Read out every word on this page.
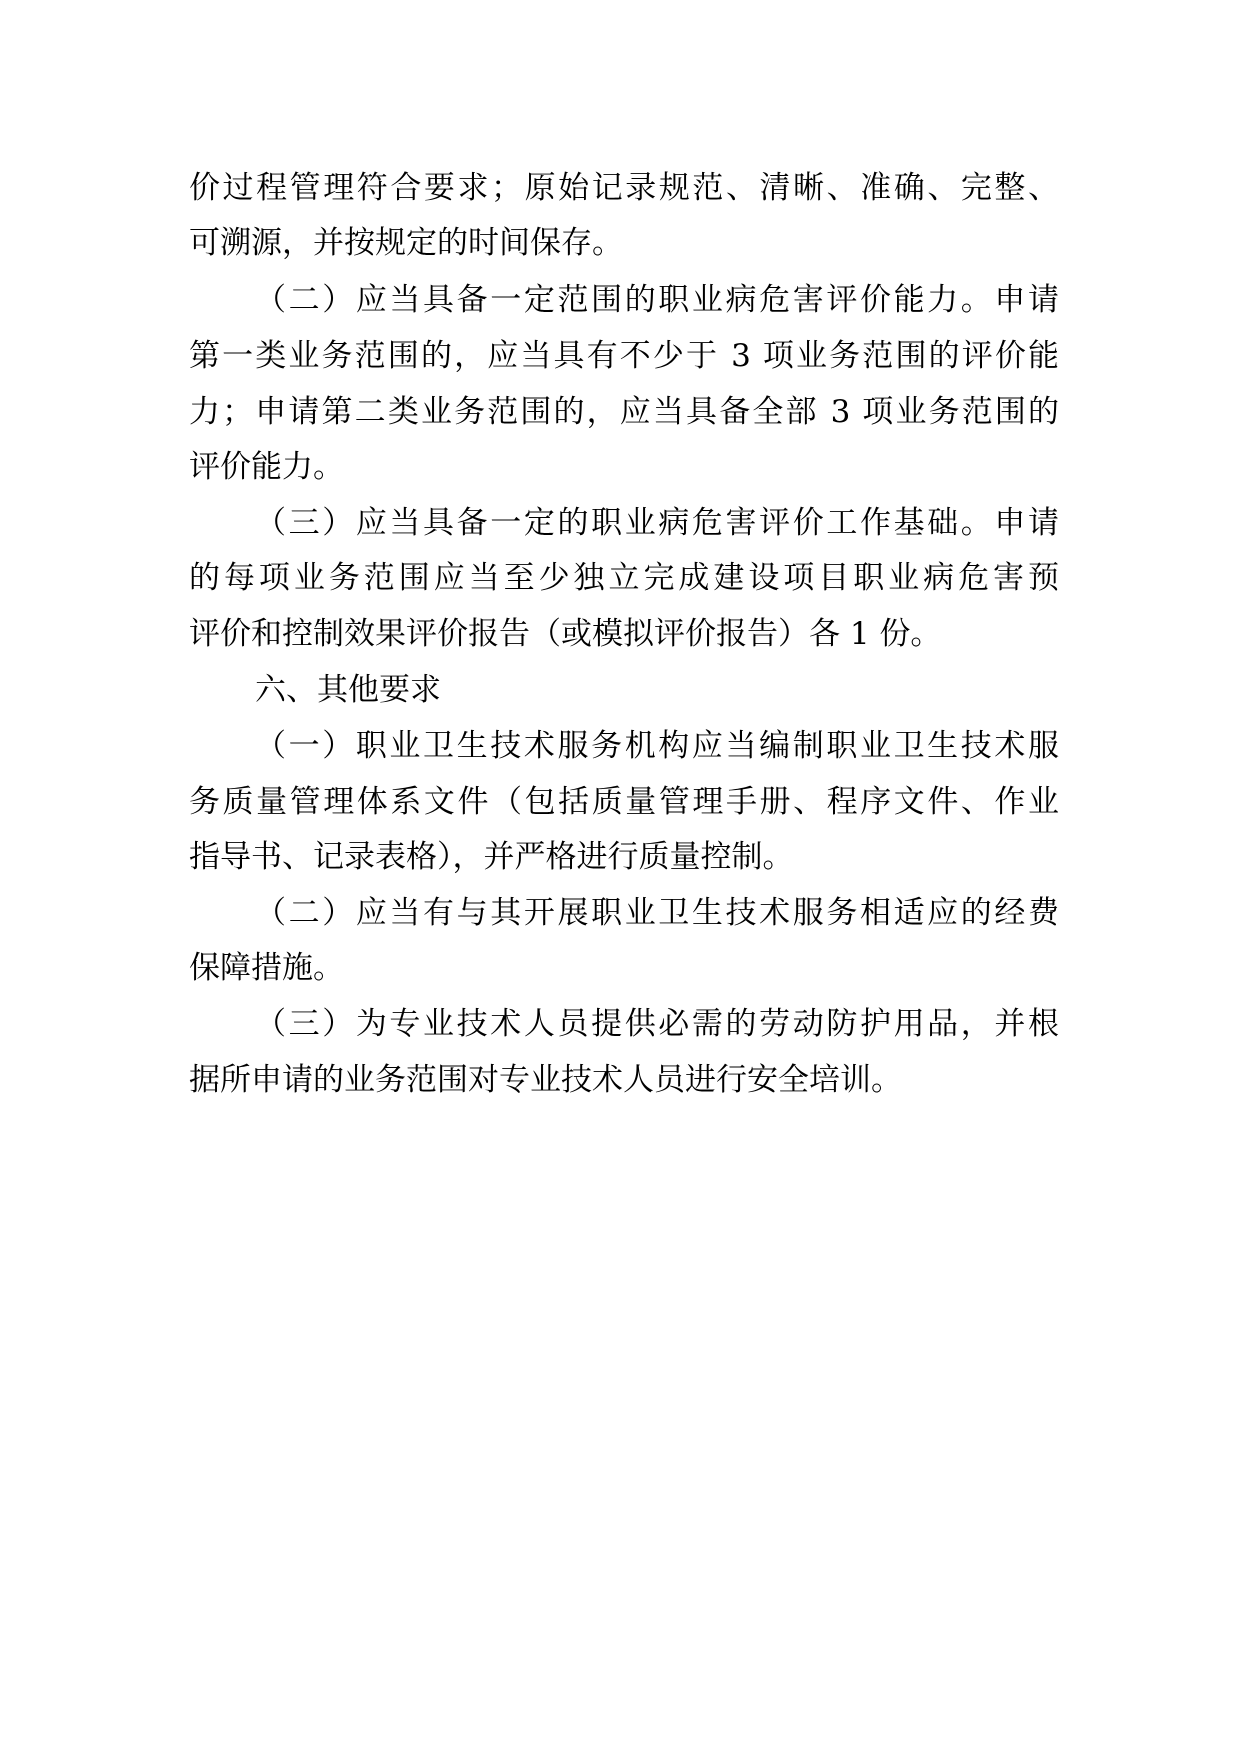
价过程管理符合要求；原始记录规范、清晰、准确、完整、
可溯源，并按规定的时间保存。
（二）应当具备一定范围的职业病危害评价能力。申请
第一类业务范围的，应当具有不少于 3 项业务范围的评价能
力；申请第二类业务范围的，应当具备全部 3 项业务范围的
评价能力。
（三）应当具备一定的职业病危害评价工作基础。申请
的每项业务范围应当至少独立完成建设项目职业病危害预
评价和控制效果评价报告（或模拟评价报告）各 1 份。
六、其他要求
（一）职业卫生技术服务机构应当编制职业卫生技术服
务质量管理体系文件（包括质量管理手册、程序文件、作业
指导书、记录表格），并严格进行质量控制。
（二）应当有与其开展职业卫生技术服务相适应的经费
保障措施。
（三）为专业技术人员提供必需的劳动防护用品，并根
据所申请的业务范围对专业技术人员进行安全培训。
